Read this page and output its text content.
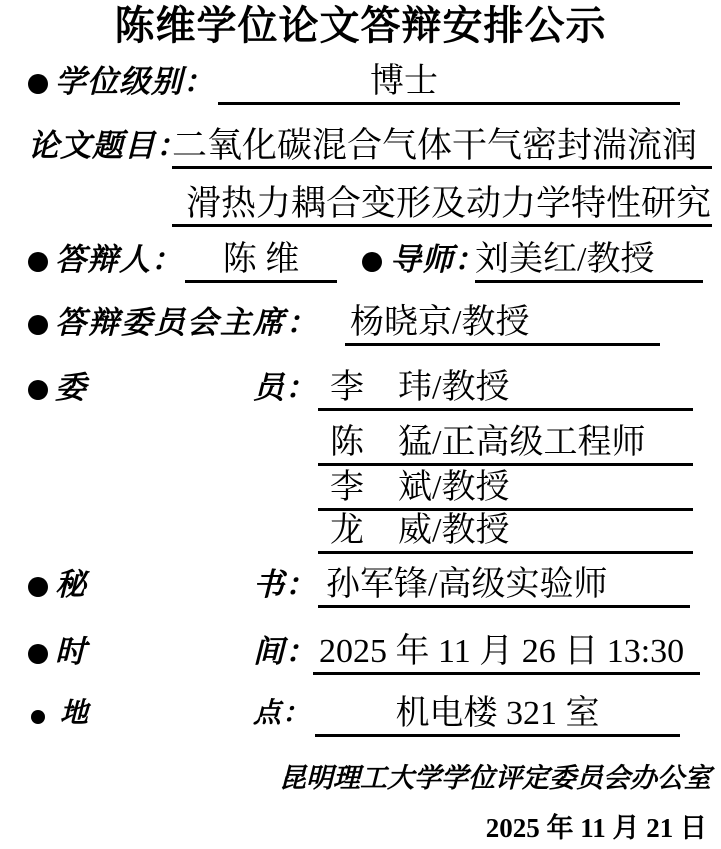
陈维学位论文答辩安排公示
学位级别：	博士
论文题目：
二氧化碳混合气体干气密封湍流润
滑热力耦合变形及动力学特性研究
答辩人：	陈 维	导师：
刘美红/教授
答辩委员会主席： 杨晓京/教授
委	员： 李　玮/教授
陈　猛/正高级工程师
李　斌/教授
龙　威/教授
秘	书： 孙军锋/高级实验师
时	间： 2025 年 11 月 26 日 13:30
地	点：	机电楼 321 室
昆明理工大学学位评定委员会办公室
2025 年 11 月 21 日
